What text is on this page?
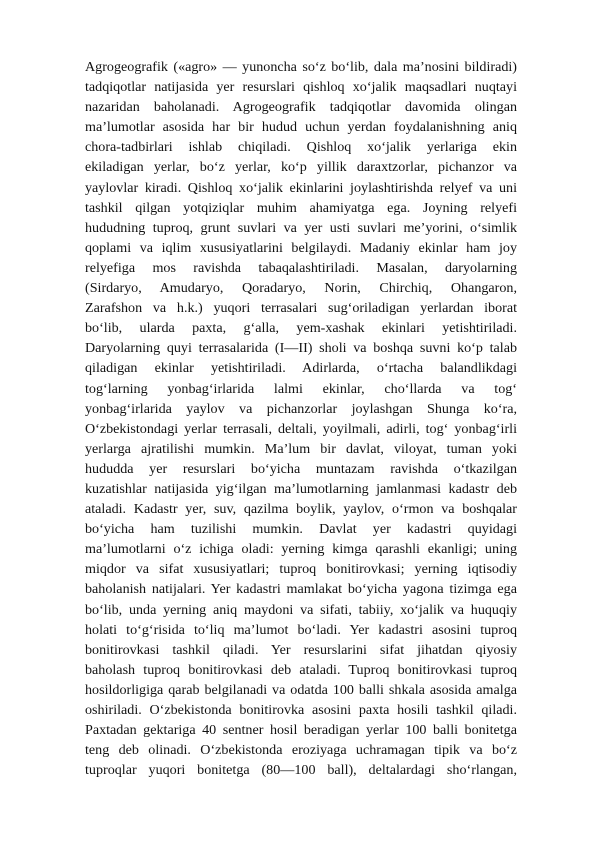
Agrogeografik («agro» — yunoncha so‘z bo‘lib, dala ma’nosini bildiradi)
tadqiqotlar natijasida yer resurslari qishloq xo‘jalik maqsadlari nuqtayi
nazaridan baholanadi. Agrogeografik tadqiqotlar davomida olingan
ma’lumotlar asosida har bir hudud uchun yerdan foydalanishning aniq
chora-tadbirlari ishlab chiqiladi. Qishloq xo‘jalik yerlariga ekin
ekiladigan yerlar, bo‘z yerlar, ko‘p yillik daraxtzorlar, pichanzor va
yaylovlar kiradi. Qishloq xo‘jalik ekinlarini joylashtirishda relyef va uni
tashkil qilgan yotqiziqlar muhim ahamiyatga ega. Joyning relyefi
hududning tuproq, grunt suvlari va yer usti suvlari me’yorini, o‘simlik
qoplami va iqlim xususiyatlarini belgilaydi. Madaniy ekinlar ham joy
relyefiga mos ravishda tabaqalashtiriladi. Masalan, daryolarning
(Sirdaryo, Amudaryo, Qoradaryo, Norin, Chirchiq, Ohangaron,
Zarafshon va h.k.) yuqori terrasalari sug‘oriladigan yerlardan iborat
bo‘lib, ularda paxta, g‘alla, yem-xashak ekinlari yetishtiriladi.
Daryolarning quyi terrasalarida (I—II) sholi va boshqa suvni ko‘p talab
qiladigan ekinlar yetishtiriladi. Adirlarda, o‘rtacha balandlikdagi
tog‘larning yonbag‘irlarida lalmi ekinlar, cho‘llarda va tog‘
yonbag‘irlarida yaylov va pichanzorlar joylashgan Shunga ko‘ra,
O‘zbekistondagi yerlar terrasali, deltali, yoyilmali, adirli, tog‘ yonbag‘irli
yerlarga ajratilishi mumkin. Ma’lum bir davlat, viloyat, tuman yoki
hududda yer resurslari bo‘yicha muntazam ravishda o‘tkazilgan
kuzatishlar natijasida yig‘ilgan ma’lumotlarning jamlanmasi kadastr deb
ataladi. Kadastr yer, suv, qazilma boylik, yaylov, o‘rmon va boshqalar
bo‘yicha ham tuzilishi mumkin. Davlat yer kadastri quyidagi
ma’lumotlarni o‘z ichiga oladi: yerning kimga qarashli ekanligi; uning
miqdor va sifat xususiyatlari; tuproq bonitirovkasi; yerning iqtisodiy
baholanish natijalari. Yer kadastri mamlakat bo‘yicha yagona tizimga ega
bo‘lib, unda yerning aniq maydoni va sifati, tabiiy, xo‘jalik va huquqiy
holati to‘g‘risida to‘liq ma’lumot bo‘ladi. Yer kadastri asosini tuproq
bonitirovkasi tashkil qiladi. Yer resurslarini sifat jihatdan qiyosiy
baholash tuproq bonitirovkasi deb ataladi. Tuproq bonitirovkasi tuproq
hosildorligiga qarab belgilanadi va odatda 100 balli shkala asosida amalga
oshiriladi. O‘zbekistonda bonitirovka asosini paxta hosili tashkil qiladi.
Paxtadan gektariga 40 sentner hosil beradigan yerlar 100 balli bonitetga
teng deb olinadi. O‘zbekistonda eroziyaga uchramagan tipik va bo‘z
tuproqlar yuqori bonitetga (80—100 ball), deltalardagi sho‘rlangan,
